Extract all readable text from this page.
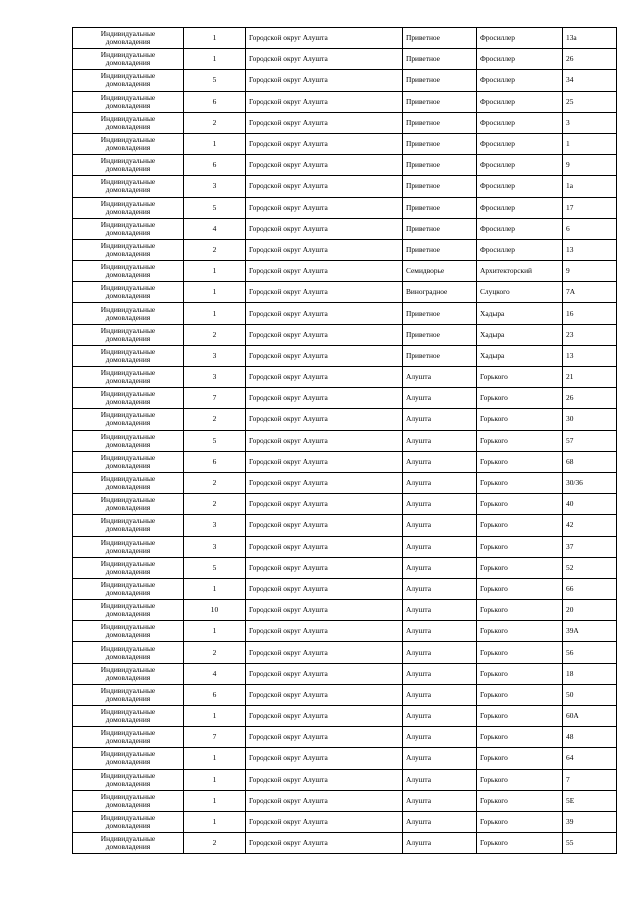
Индивидуальные
домовладения	1	Городской округ Алушта	Приветное	Фросиллер	13а

Индивидуальные
домовладения	1	Городской округ Алушта	Приветное	Фросиллер	26

Индивидуальные
домовладения	5	Городской округ Алушта	Приветное	Фросиллер	34

Индивидуальные
домовладения	6	Городской округ Алушта	Приветное	Фросиллер	25

Индивидуальные
домовладения	2	Городской округ Алушта	Приветное	Фросиллер	3

Индивидуальные
домовладения	1	Городской округ Алушта	Приветное	Фросиллер	1

Индивидуальные
домовладения	6	Городской округ Алушта	Приветное	Фросиллер	9

Индивидуальные
домовладения	3	Городской округ Алушта	Приветное	Фросиллер	1а

Индивидуальные
домовладения	5	Городской округ Алушта	Приветное	Фросиллер	17

Индивидуальные
домовладения	4	Городской округ Алушта	Приветное	Фросиллер	6

Индивидуальные
домовладения	2	Городской округ Алушта	Приветное	Фросиллер	13

Индивидуальные
домовладения	1	Городской округ Алушта	Семидворье	Архитекторский	9

Индивидуальные
домовладения	1	Городской округ Алушта	Виноградное	Слуцкого	7А

Индивидуальные
домовладения	1	Городской округ Алушта	Приветное	Хадыра	16

Индивидуальные
домовладения	2	Городской округ Алушта	Приветное	Хадыра	23

Индивидуальные
домовладения	3	Городской округ Алушта	Приветное	Хадыра	13

Индивидуальные
домовладения	3	Городской округ Алушта	Алушта	Горького	21

Индивидуальные
домовладения	7	Городской округ Алушта	Алушта	Горького	26

Индивидуальные
домовладения	2	Городской округ Алушта	Алушта	Горького	30

Индивидуальные
домовладения	5	Городской округ Алушта	Алушта	Горького	57

Индивидуальные
домовладения	6	Городской округ Алушта	Алушта	Горького	68

Индивидуальные
домовладения	2	Городской округ Алушта	Алушта	Горького	30/36

Индивидуальные
домовладения	2	Городской округ Алушта	Алушта	Горького	40

Индивидуальные
домовладения	3	Городской округ Алушта	Алушта	Горького	42

Индивидуальные
домовладения	3	Городской округ Алушта	Алушта	Горького	37

Индивидуальные
домовладения	5	Городской округ Алушта	Алушта	Горького	52

Индивидуальные
домовладения	1	Городской округ Алушта	Алушта	Горького	66

Индивидуальные
домовладения	10	Городской округ Алушта	Алушта	Горького	20

Индивидуальные
домовладения	1	Городской округ Алушта	Алушта	Горького	39А

Индивидуальные
домовладения	2	Городской округ Алушта	Алушта	Горького	56

Индивидуальные
домовладения	4	Городской округ Алушта	Алушта	Горького	18

Индивидуальные
домовладения	6	Городской округ Алушта	Алушта	Горького	50

Индивидуальные
домовладения	1	Городской округ Алушта	Алушта	Горького	60А

Индивидуальные
домовладения	7	Городской округ Алушта	Алушта	Горького	48

Индивидуальные
домовладения	1	Городской округ Алушта	Алушта	Горького	64

Индивидуальные
домовладения	1	Городской округ Алушта	Алушта	Горького	7

Индивидуальные
домовладения	1	Городской округ Алушта	Алушта	Горького	5Е

Индивидуальные
домовладения	1	Городской округ Алушта	Алушта	Горького	39

Индивидуальные
домовладения	2	Городской округ Алушта	Алушта	Горького	55
